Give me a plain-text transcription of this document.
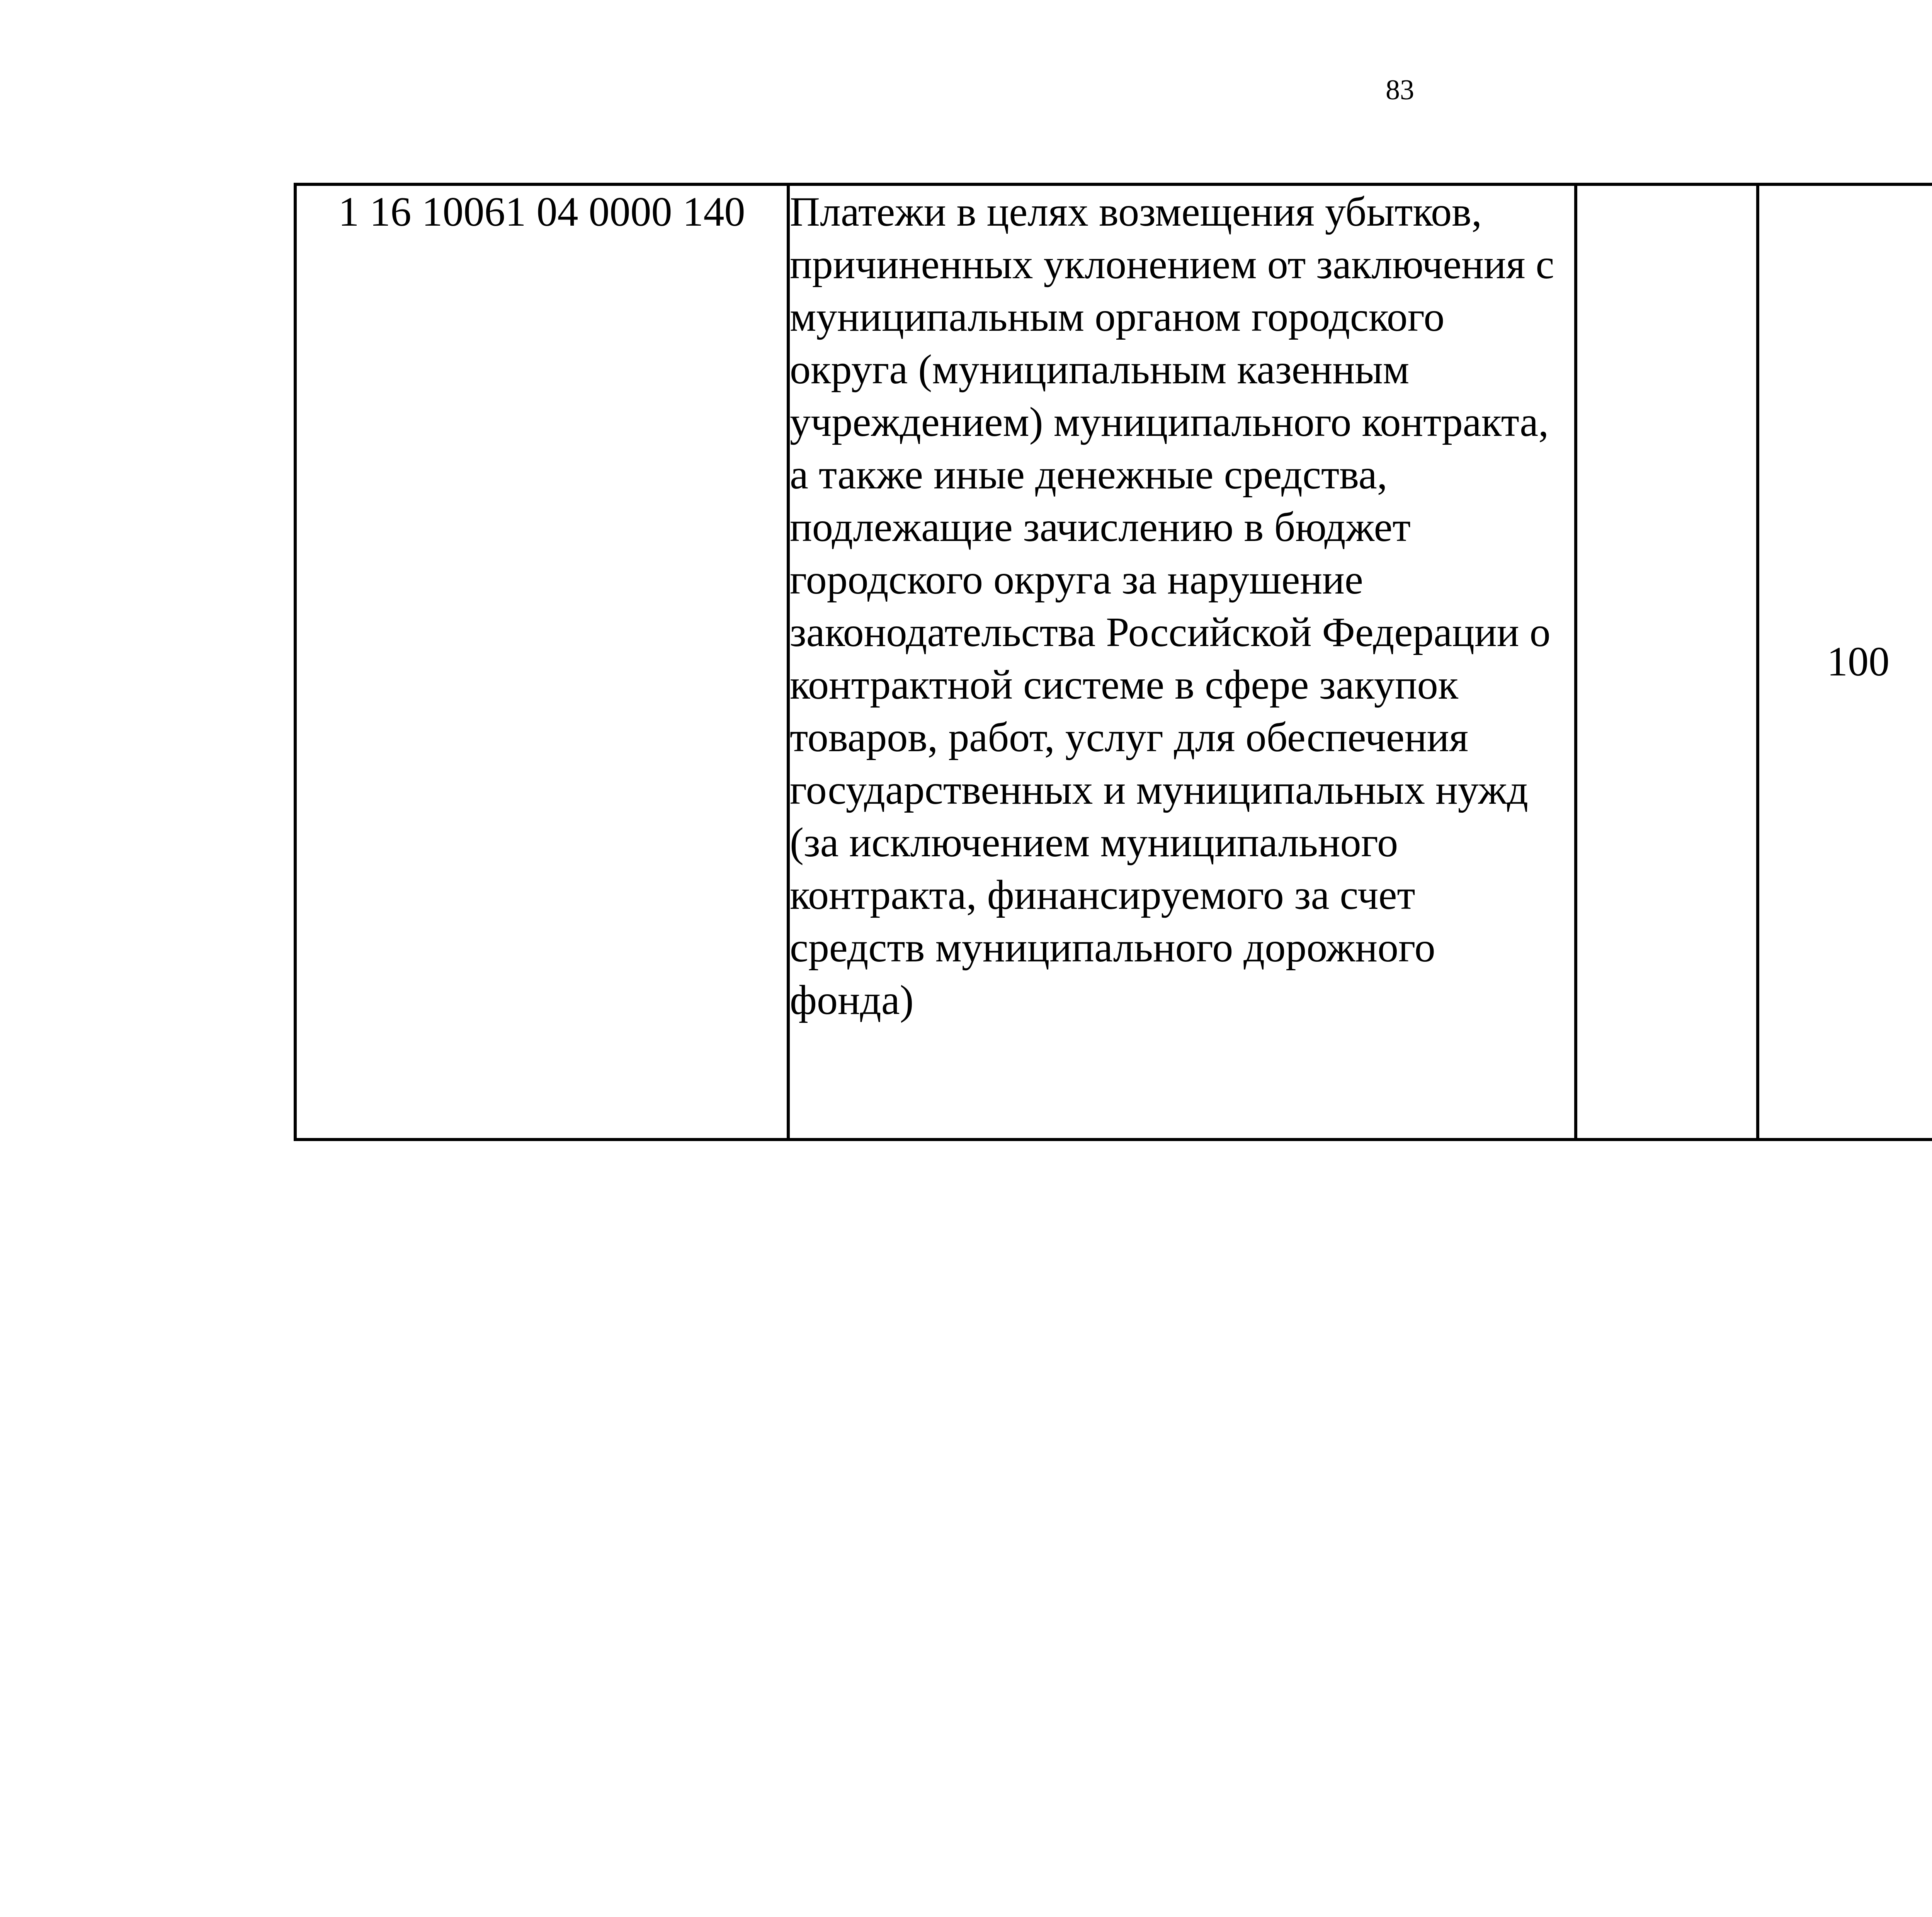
83
1 16 10061 04 0000 140	Платежи в целях возмещения убытков,
причиненных уклонением от заключения с
муниципальным органом городского
округа (муниципальным казенным
учреждением) муниципального контракта,
а также иные денежные средства,
подлежащие зачислению в бюджет
городского округа за нарушение
законодательства Российской Федерации о
контрактной системе в сфере закупок
товаров, работ, услуг для обеспечения
государственных и муниципальных нужд
(за исключением муниципального
контракта, финансируемого за счет
средств муниципального дорожного
фонда)
		100			
